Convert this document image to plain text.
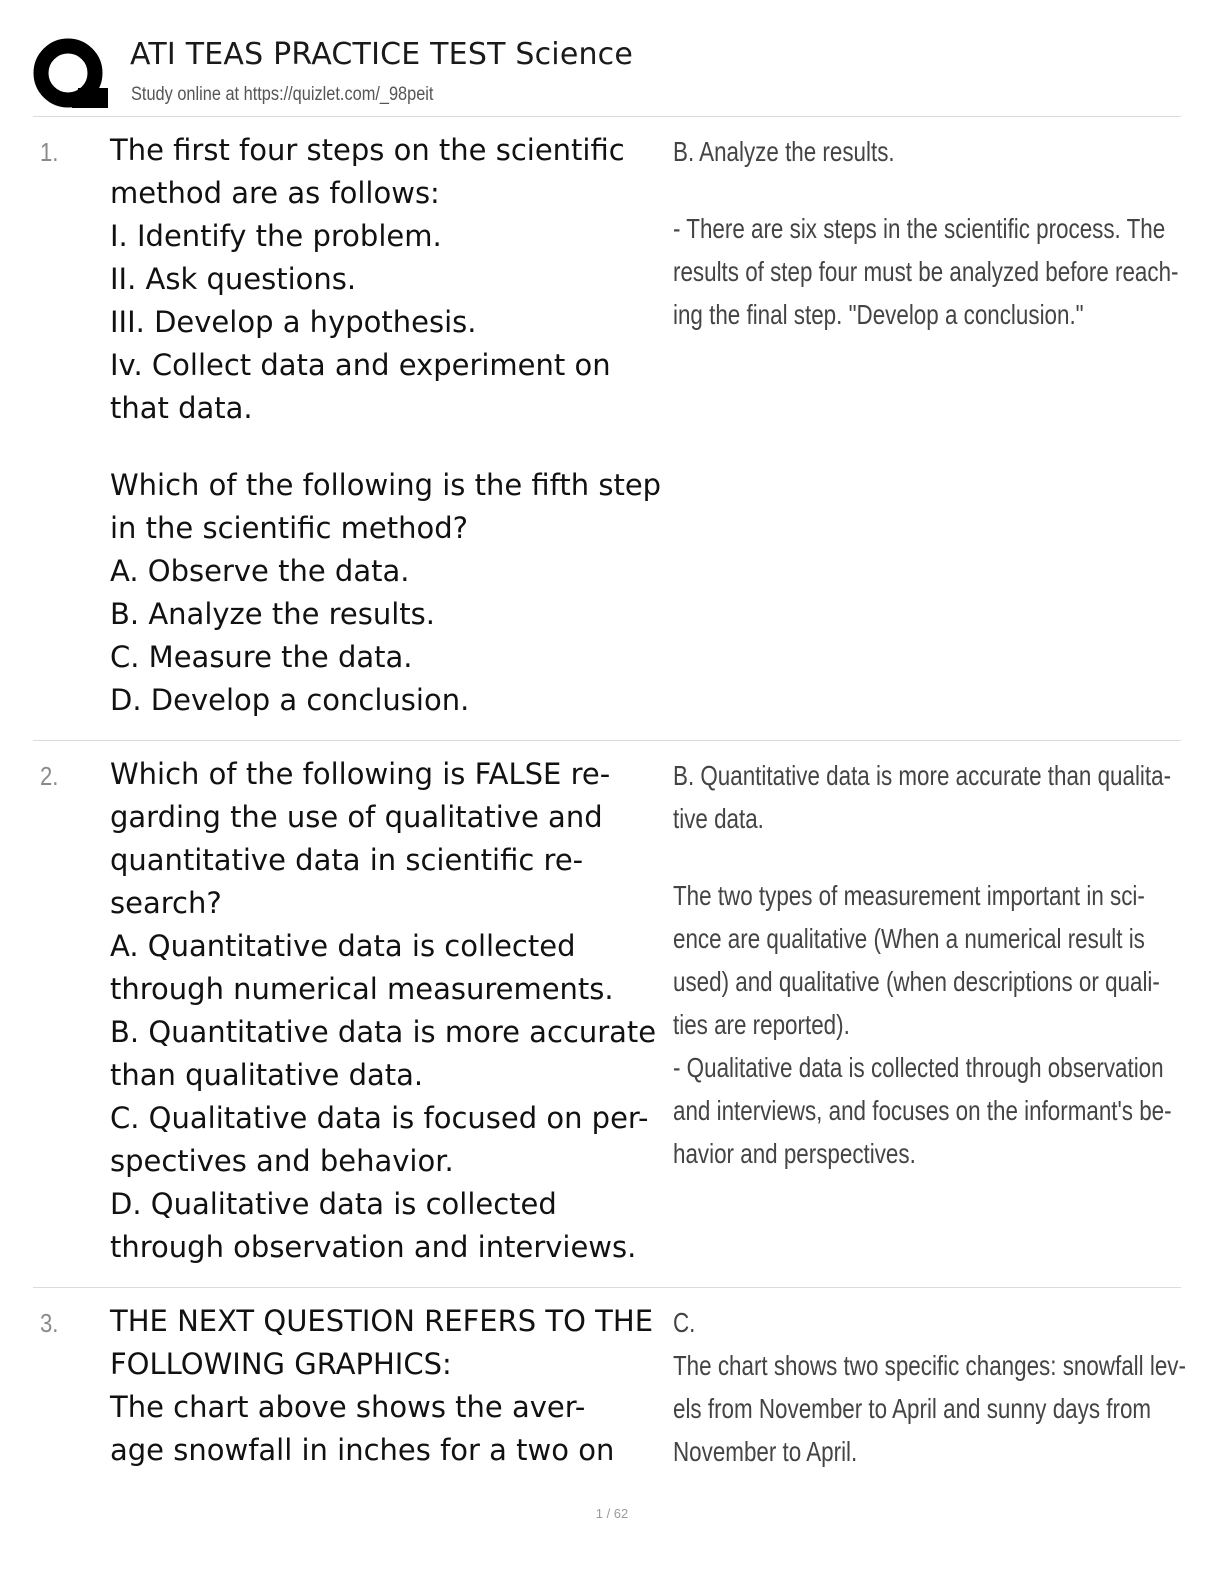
ATI TEAS PRACTICE TEST Science
Study online at https://quizlet.com/_98peit
1. The first four steps on the scientific
method are as follows:
I. Identify the problem.
II. Ask questions.
III. Develop a hypothesis.
Iv. Collect data and experiment on
that data.
Which of the following is the fifth step
in the scientific method?
A. Observe the data.
B. Analyze the results.
C. Measure the data.
D. Develop a conclusion.
B. Analyze the results.
- There are six steps in the scientific process. The
results of step four must be analyzed before reach-
ing the final step. "Develop a conclusion."
2. Which of the following is FALSE re-
garding the use of qualitative and
quantitative data in scientific re-
search?
A. Quantitative data is collected
through numerical measurements.
B. Quantitative data is more accurate
than qualitative data.
C. Qualitative data is focused on per-
spectives and behavior.
D. Qualitative data is collected
through observation and interviews.
B. Quantitative data is more accurate than qualita-
tive data.
The two types of measurement important in sci-
ence are qualitative (When a numerical result is
used) and qualitative (when descriptions or quali-
ties are reported).
- Qualitative data is collected through observation
and interviews, and focuses on the informant's be-
havior and perspectives.
3. THE NEXT QUESTION REFERS TO THE
FOLLOWING GRAPHICS:
The chart above shows the aver-
age snowfall in inches for a two on
C.
The chart shows two specific changes: snowfall lev-
els from November to April and sunny days from
November to April.
1 / 62
